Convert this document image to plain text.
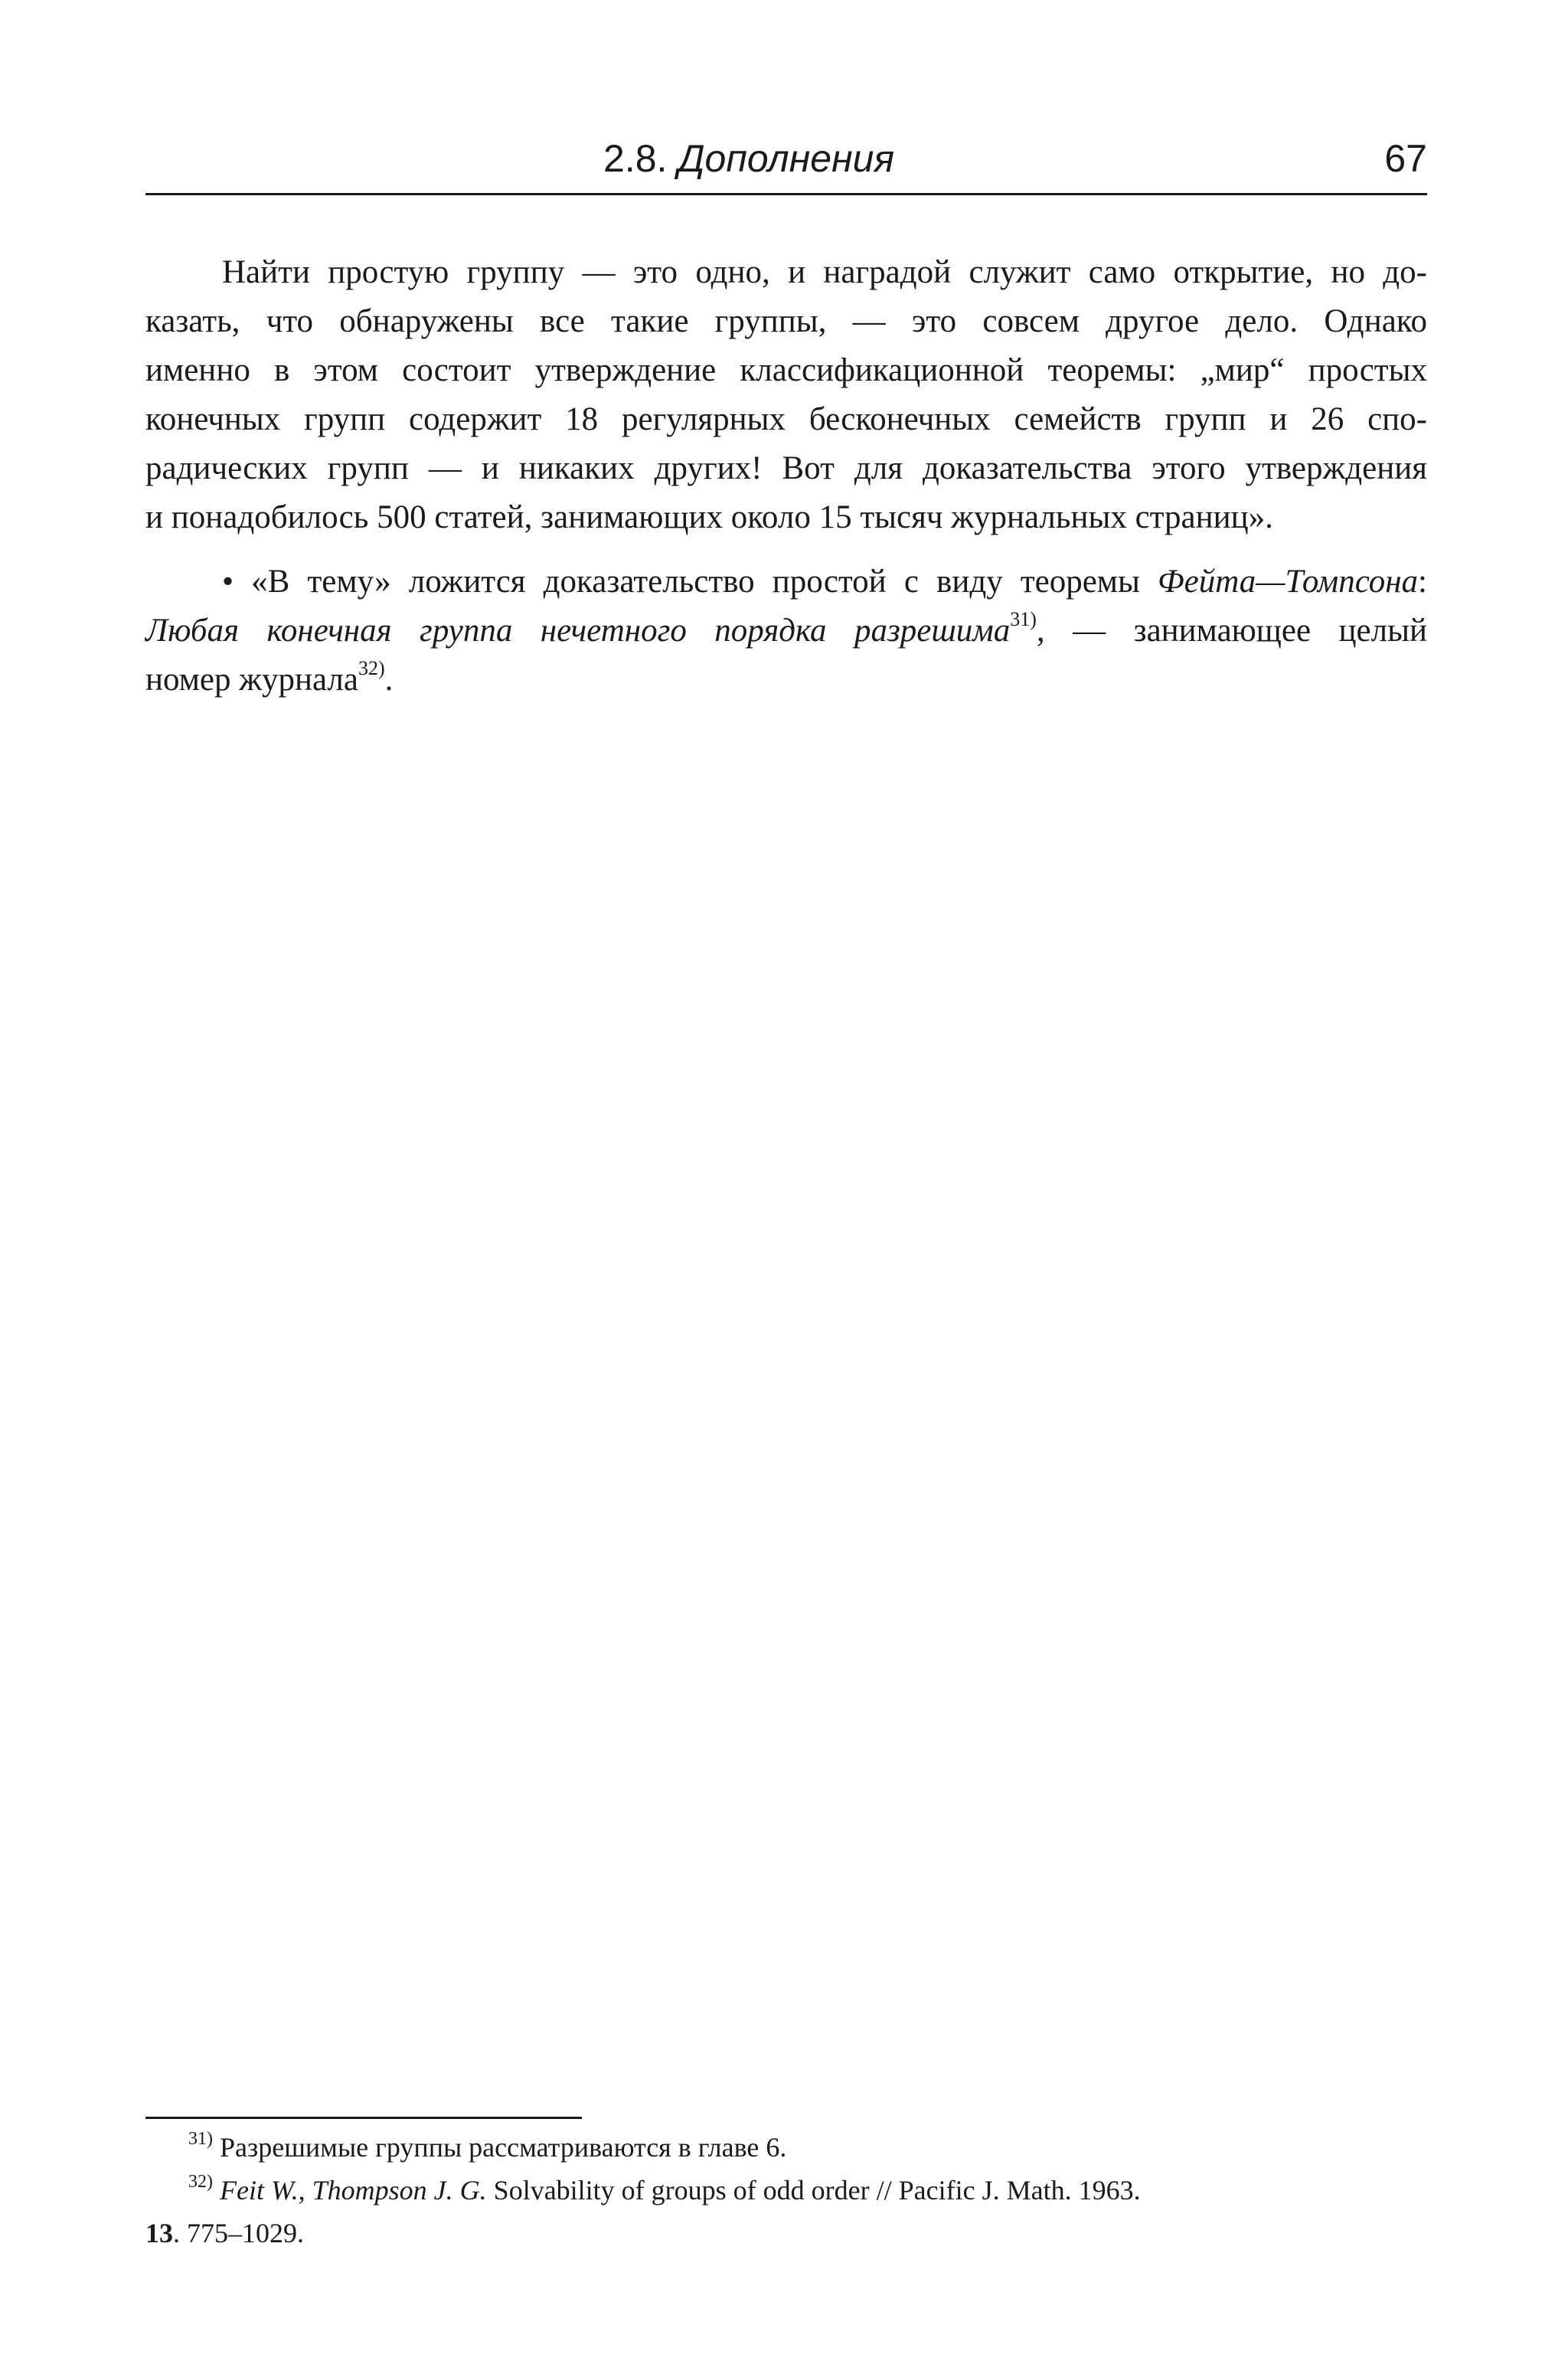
2.8. Дополнения	67
Найти простую группу — это одно, и наградой служит само открытие, но до-
казать, что обнаружены все такие группы, — это совсем другое дело. Однако
именно в этом состоит утверждение классификационной теоремы: „мир“ простых
конечных групп содержит 18 регулярных бесконечных семейств групп и 26 спо-
радических групп — и никаких других! Вот для доказательства этого утверждения
и понадобилось 500 статей, занимающих около 15 тысяч журнальных страниц».
• «В тему» ложится доказательство простой с виду теоремы Фейта—Томпсона:
Любая конечная группа нечетного порядка разрешима$^{31)}$, — занимающее целый
номер журнала$^{32)}$.
$^{31)}$ Разрешимые группы рассматриваются в главе 6.
$^{32)}$ Feit W., Thompson J. G. Solvability of groups of odd order // Pacific J. Math. 1963.
13. 775–1029.
